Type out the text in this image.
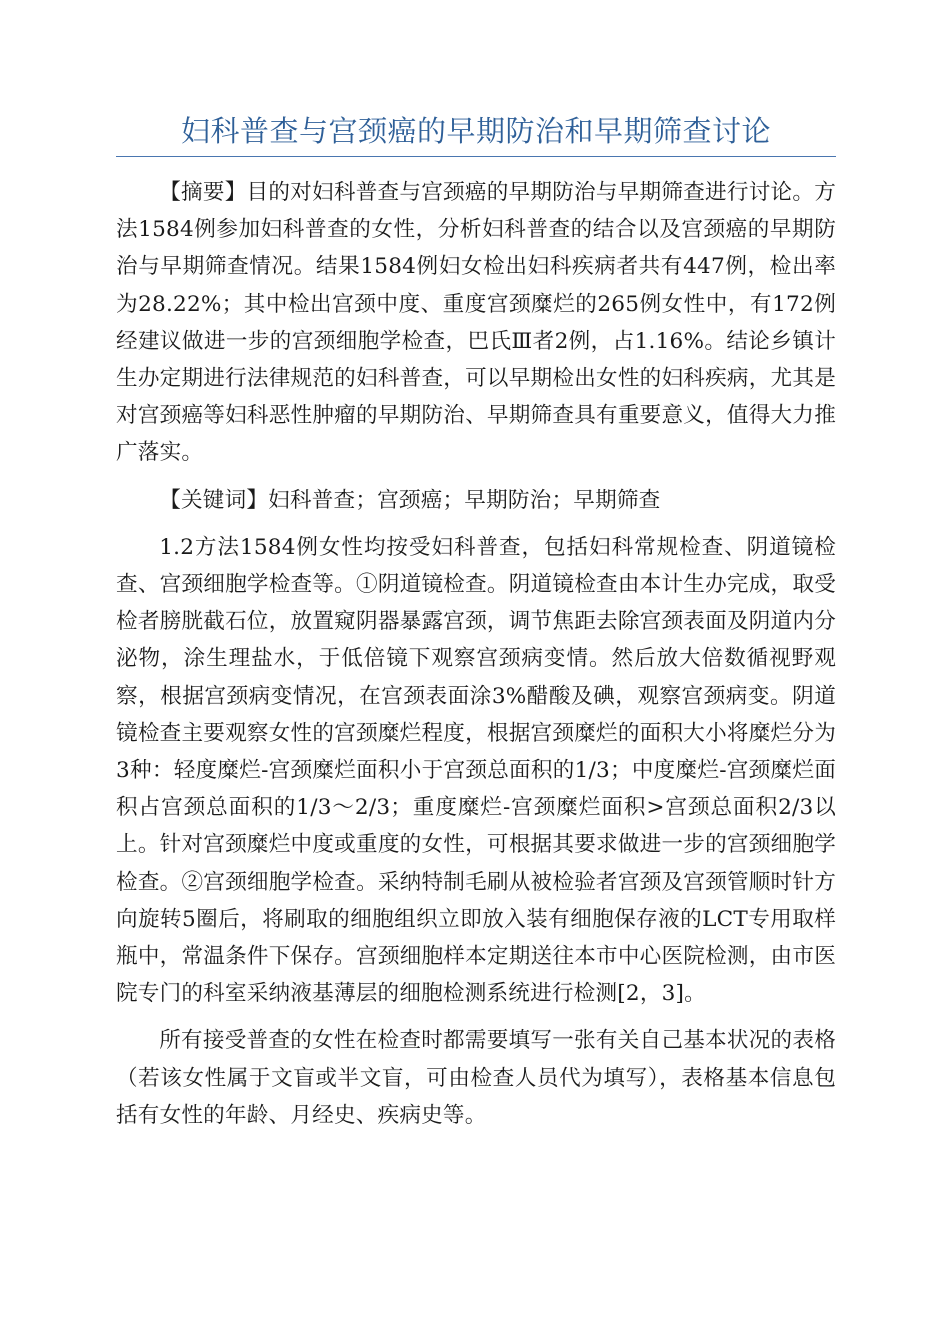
妇科普查与宫颈癌的早期防治和早期筛查讨论

【摘要】目的对妇科普查与宫颈癌的早期防治与早期筛查进行讨论。方法1584例参加妇科普查的女性，分析妇科普查的结合以及宫颈癌的早期防治与早期筛查情况。结果1584例妇女检出妇科疾病者共有447例，检出率为28.22%；其中检出宫颈中度、重度宫颈糜烂的265例女性中，有172例经建议做进一步的宫颈细胞学检查，巴氏Ⅲ者2例，占1.16%。结论乡镇计生办定期进行法律规范的妇科普查，可以早期检出女性的妇科疾病，尤其是对宫颈癌等妇科恶性肿瘤的早期防治、早期筛查具有重要意义，值得大力推广落实。

【关键词】妇科普查；宫颈癌；早期防治；早期筛查

1.2方法1584例女性均按受妇科普查，包括妇科常规检查、阴道镜检查、宫颈细胞学检查等。①阴道镜检查。阴道镜检查由本计生办完成，取受检者膀胱截石位，放置窥阴器暴露宫颈，调节焦距去除宫颈表面及阴道内分泌物，涂生理盐水，于低倍镜下观察宫颈病变情。然后放大倍数循视野观察，根据宫颈病变情况，在宫颈表面涂3%醋酸及碘，观察宫颈病变。阴道镜检查主要观察女性的宫颈糜烂程度，根据宫颈糜烂的面积大小将糜烂分为3种：轻度糜烂-宫颈糜烂面积小于宫颈总面积的1/3；中度糜烂-宫颈糜烂面积占宫颈总面积的1/3～2/3；重度糜烂-宫颈糜烂面积>宫颈总面积2/3以上。针对宫颈糜烂中度或重度的女性，可根据其要求做进一步的宫颈细胞学检查。②宫颈细胞学检查。采纳特制毛刷从被检验者宫颈及宫颈管顺时针方向旋转5圈后，将刷取的细胞组织立即放入装有细胞保存液的LCT专用取样瓶中，常温条件下保存。宫颈细胞样本定期送往本市中心医院检测，由市医院专门的科室采纳液基薄层的细胞检测系统进行检测[2，3]。

所有接受普查的女性在检查时都需要填写一张有关自己基本状况的表格（若该女性属于文盲或半文盲，可由检查人员代为填写），表格基本信息包括有女性的年龄、月经史、疾病史等。
